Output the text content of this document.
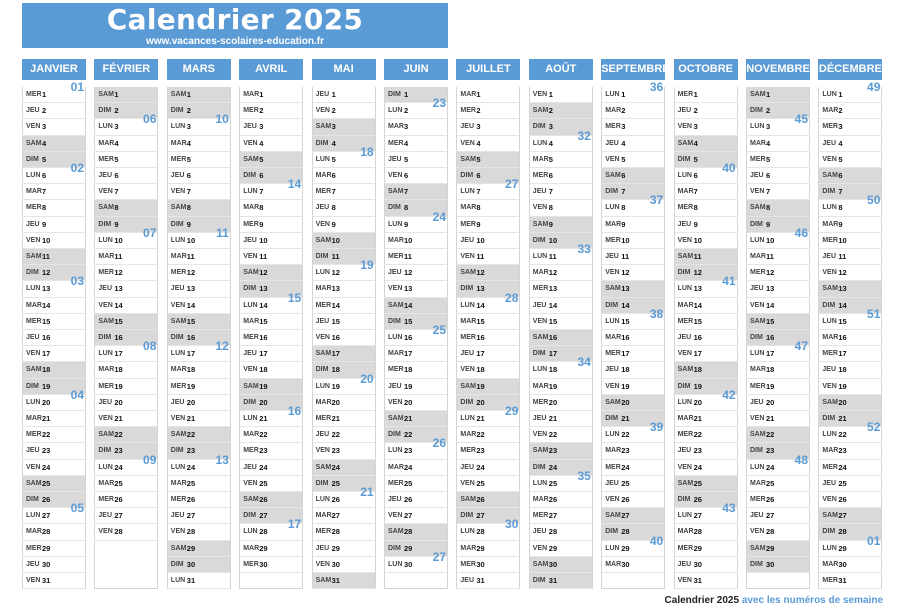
Calendrier 2025
www.vacances-scolaires-education.fr
JANVIER
MER 1
01
JEU 2
VEN 3
SAM 4
DIM 5
LUN 6
02
MAR 7
MER 8
JEU 9
VEN 10
SAM 11
DIM 12
LUN 13
03
MAR 14
MER 15
JEU 16
VEN 17
SAM 18
DIM 19
LUN 20
04
MAR 21
MER 22
JEU 23
VEN 24
SAM 25
DIM 26
LUN 27
05
MAR 28
MER 29
JEU 30
VEN 31
FÉVRIER
SAM 1
DIM 2
LUN 3
06
MAR 4
MER 5
JEU 6
VEN 7
SAM 8
DIM 9
LUN 10
07
MAR 11
MER 12
JEU 13
VEN 14
SAM 15
DIM 16
LUN 17
08
MAR 18
MER 19
JEU 20
VEN 21
SAM 22
DIM 23
LUN 24
09
MAR 25
MER 26
JEU 27
VEN 28
MARS
SAM 1
DIM 2
LUN 3
10
MAR 4
MER 5
JEU 6
VEN 7
SAM 8
DIM 9
LUN 10
11
MAR 11
MER 12
JEU 13
VEN 14
SAM 15
DIM 16
LUN 17
12
MAR 18
MER 19
JEU 20
VEN 21
SAM 22
DIM 23
LUN 24
13
MAR 25
MER 26
JEU 27
VEN 28
SAM 29
DIM 30
LUN 31
AVRIL
MAR 1
MER 2
JEU 3
VEN 4
SAM 5
DIM 6
LUN 7
14
MAR 8
MER 9
JEU 10
VEN 11
SAM 12
DIM 13
LUN 14
15
MAR 15
MER 16
JEU 17
VEN 18
SAM 19
DIM 20
LUN 21
16
MAR 22
MER 23
JEU 24
VEN 25
SAM 26
DIM 27
LUN 28
17
MAR 29
MER 30
MAI
JEU 1
VEN 2
SAM 3
DIM 4
LUN 5
18
MAR 6
MER 7
JEU 8
VEN 9
SAM 10
DIM 11
LUN 12
19
MAR 13
MER 14
JEU 15
VEN 16
SAM 17
DIM 18
LUN 19
20
MAR 20
MER 21
JEU 22
VEN 23
SAM 24
DIM 25
LUN 26
21
MAR 27
MER 28
JEU 29
VEN 30
SAM 31
JUIN
DIM 1
LUN 2
23
MAR 3
MER 4
JEU 5
VEN 6
SAM 7
DIM 8
LUN 9
24
MAR 10
MER 11
JEU 12
VEN 13
SAM 14
DIM 15
LUN 16
25
MAR 17
MER 18
JEU 19
VEN 20
SAM 21
DIM 22
LUN 23
26
MAR 24
MER 25
JEU 26
VEN 27
SAM 28
DIM 29
LUN 30
27
JUILLET
MAR 1
MER 2
JEU 3
VEN 4
SAM 5
DIM 6
LUN 7
27
MAR 8
MER 9
JEU 10
VEN 11
SAM 12
DIM 13
LUN 14
28
MAR 15
MER 16
JEU 17
VEN 18
SAM 19
DIM 20
LUN 21
29
MAR 22
MER 23
JEU 24
VEN 25
SAM 26
DIM 27
LUN 28
30
MAR 29
MER 30
JEU 31
AOÛT
VEN 1
SAM 2
DIM 3
LUN 4
32
MAR 5
MER 6
JEU 7
VEN 8
SAM 9
DIM 10
LUN 11
33
MAR 12
MER 13
JEU 14
VEN 15
SAM 16
DIM 17
LUN 18
34
MAR 19
MER 20
JEU 21
VEN 22
SAM 23
DIM 24
LUN 25
35
MAR 26
MER 27
JEU 28
VEN 29
SAM 30
DIM 31
SEPTEMBRE
LUN 1
36
MAR 2
MER 3
JEU 4
VEN 5
SAM 6
DIM 7
LUN 8
37
MAR 9
MER 10
JEU 11
VEN 12
SAM 13
DIM 14
LUN 15
38
MAR 16
MER 17
JEU 18
VEN 19
SAM 20
DIM 21
LUN 22
39
MAR 23
MER 24
JEU 25
VEN 26
SAM 27
DIM 28
LUN 29
40
MAR 30
OCTOBRE
MER 1
JEU 2
VEN 3
SAM 4
DIM 5
LUN 6
40
MAR 7
MER 8
JEU 9
VEN 10
SAM 11
DIM 12
LUN 13
41
MAR 14
MER 15
JEU 16
VEN 17
SAM 18
DIM 19
LUN 20
42
MAR 21
MER 22
JEU 23
VEN 24
SAM 25
DIM 26
LUN 27
43
MAR 28
MER 29
JEU 30
VEN 31
NOVEMBRE
SAM 1
DIM 2
LUN 3
45
MAR 4
MER 5
JEU 6
VEN 7
SAM 8
DIM 9
LUN 10
46
MAR 11
MER 12
JEU 13
VEN 14
SAM 15
DIM 16
LUN 17
47
MAR 18
MER 19
JEU 20
VEN 21
SAM 22
DIM 23
LUN 24
48
MAR 25
MER 26
JEU 27
VEN 28
SAM 29
DIM 30
DÉCEMBRE
LUN 1
49
MAR 2
MER 3
JEU 4
VEN 5
SAM 6
DIM 7
LUN 8
50
MAR 9
MER 10
JEU 11
VEN 12
SAM 13
DIM 14
LUN 15
51
MAR 16
MER 17
JEU 18
VEN 19
SAM 20
DIM 21
LUN 22
52
MAR 23
MER 24
JEU 25
VEN 26
SAM 27
DIM 28
LUN 29
01
MAR 30
MER 31
Calendrier 2025 avec les numéros de semaine
